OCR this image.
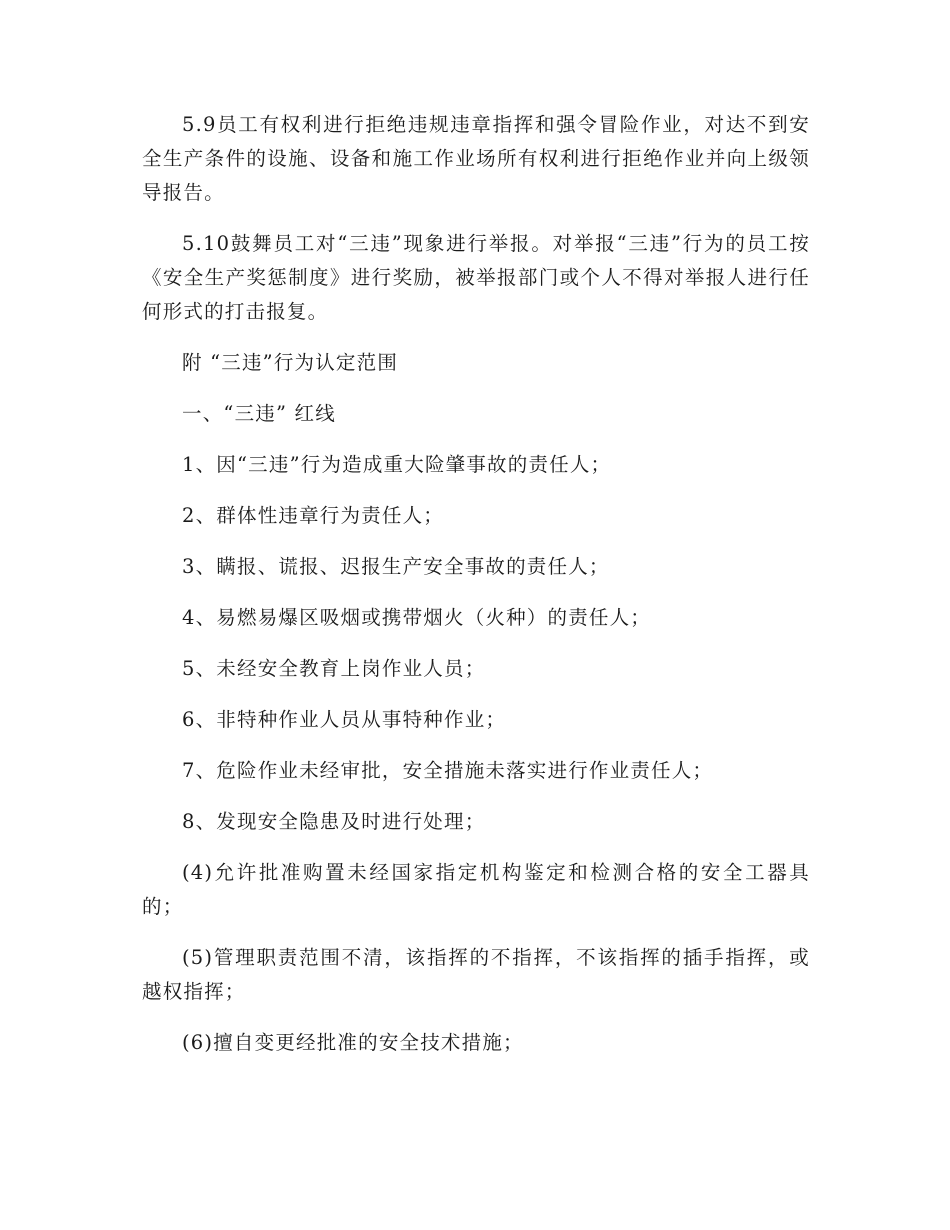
5.9员工有权利进行拒绝违规违章指挥和强令冒险作业，对达不到安全生产条件的设施、设备和施工作业场所有权利进行拒绝作业并向上级领导报告。

5.10鼓舞员工对“三违”现象进行举报。对举报“三违”行为的员工按《安全生产奖惩制度》进行奖励，被举报部门或个人不得对举报人进行任何形式的打击报复。

附 “三违”行为认定范围

一、“三违” 红线

1、因“三违”行为造成重大险肇事故的责任人；

2、群体性违章行为责任人；

3、瞒报、谎报、迟报生产安全事故的责任人；

4、易燃易爆区吸烟或携带烟火（火种）的责任人；

5、未经安全教育上岗作业人员；

6、非特种作业人员从事特种作业；

7、危险作业未经审批，安全措施未落实进行作业责任人；

8、发现安全隐患及时进行处理；

(4)允许批准购置未经国家指定机构鉴定和检测合格的安全工器具的；

(5)管理职责范围不清，该指挥的不指挥，不该指挥的插手指挥，或越权指挥；

(6)擅自变更经批准的安全技术措施；
